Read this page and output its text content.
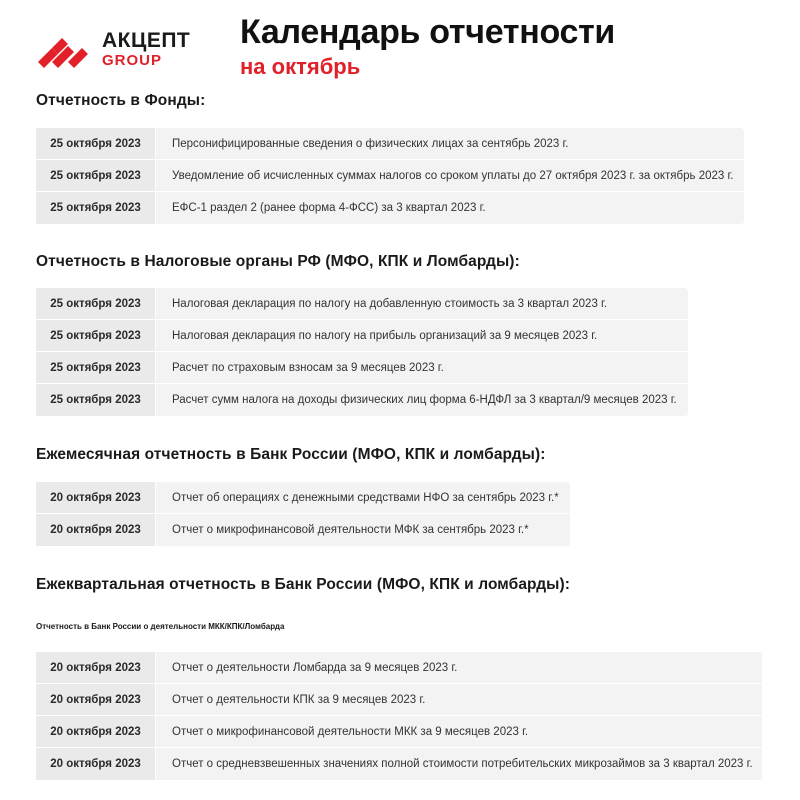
АКЦЕПТ
GROUP
Календарь отчетности
на октябрь
Отчетность в Фонды:
25 октября 2023	Персонифицированные сведения о физических лицах за сентябрь 2023 г.
25 октября 2023	Уведомление об исчисленных суммах налогов со сроком уплаты до 27 октября 2023 г. за октябрь 2023 г.
25 октября 2023	ЕФС-1 раздел 2 (ранее форма 4-ФСС) за 3 квартал 2023 г.
Отчетность в Налоговые органы РФ (МФО, КПК и Ломбарды):
25 октября 2023	Налоговая декларация по налогу на добавленную стоимость за 3 квартал 2023 г.
25 октября 2023	Налоговая декларация по налогу на прибыль организаций за 9 месяцев 2023 г.
25 октября 2023	Расчет по страховым взносам за 9 месяцев 2023 г.
25 октября 2023	Расчет сумм налога на доходы физических лиц форма 6-НДФЛ за 3 квартал/9 месяцев 2023 г.
Ежемесячная отчетность в Банк России (МФО, КПК и ломбарды):
20 октября 2023	Отчет об операциях с денежными средствами НФО за сентябрь 2023 г.*
20 октября 2023	Отчет о микрофинансовой деятельности МФК за сентябрь 2023 г.*
Ежеквартальная отчетность в Банк России (МФО, КПК и ломбарды):
Отчетность в Банк России о деятельности МКК/КПК/Ломбарда
20 октября 2023	Отчет о деятельности Ломбарда за 9 месяцев 2023 г.
20 октября 2023	Отчет о деятельности КПК за 9 месяцев 2023 г.
20 октября 2023	Отчет о микрофинансовой деятельности МКК за 9 месяцев 2023 г.
20 октября 2023	Отчет о средневзвешенных значениях полной стоимости потребительских микрозаймов за 3 квартал 2023 г.
